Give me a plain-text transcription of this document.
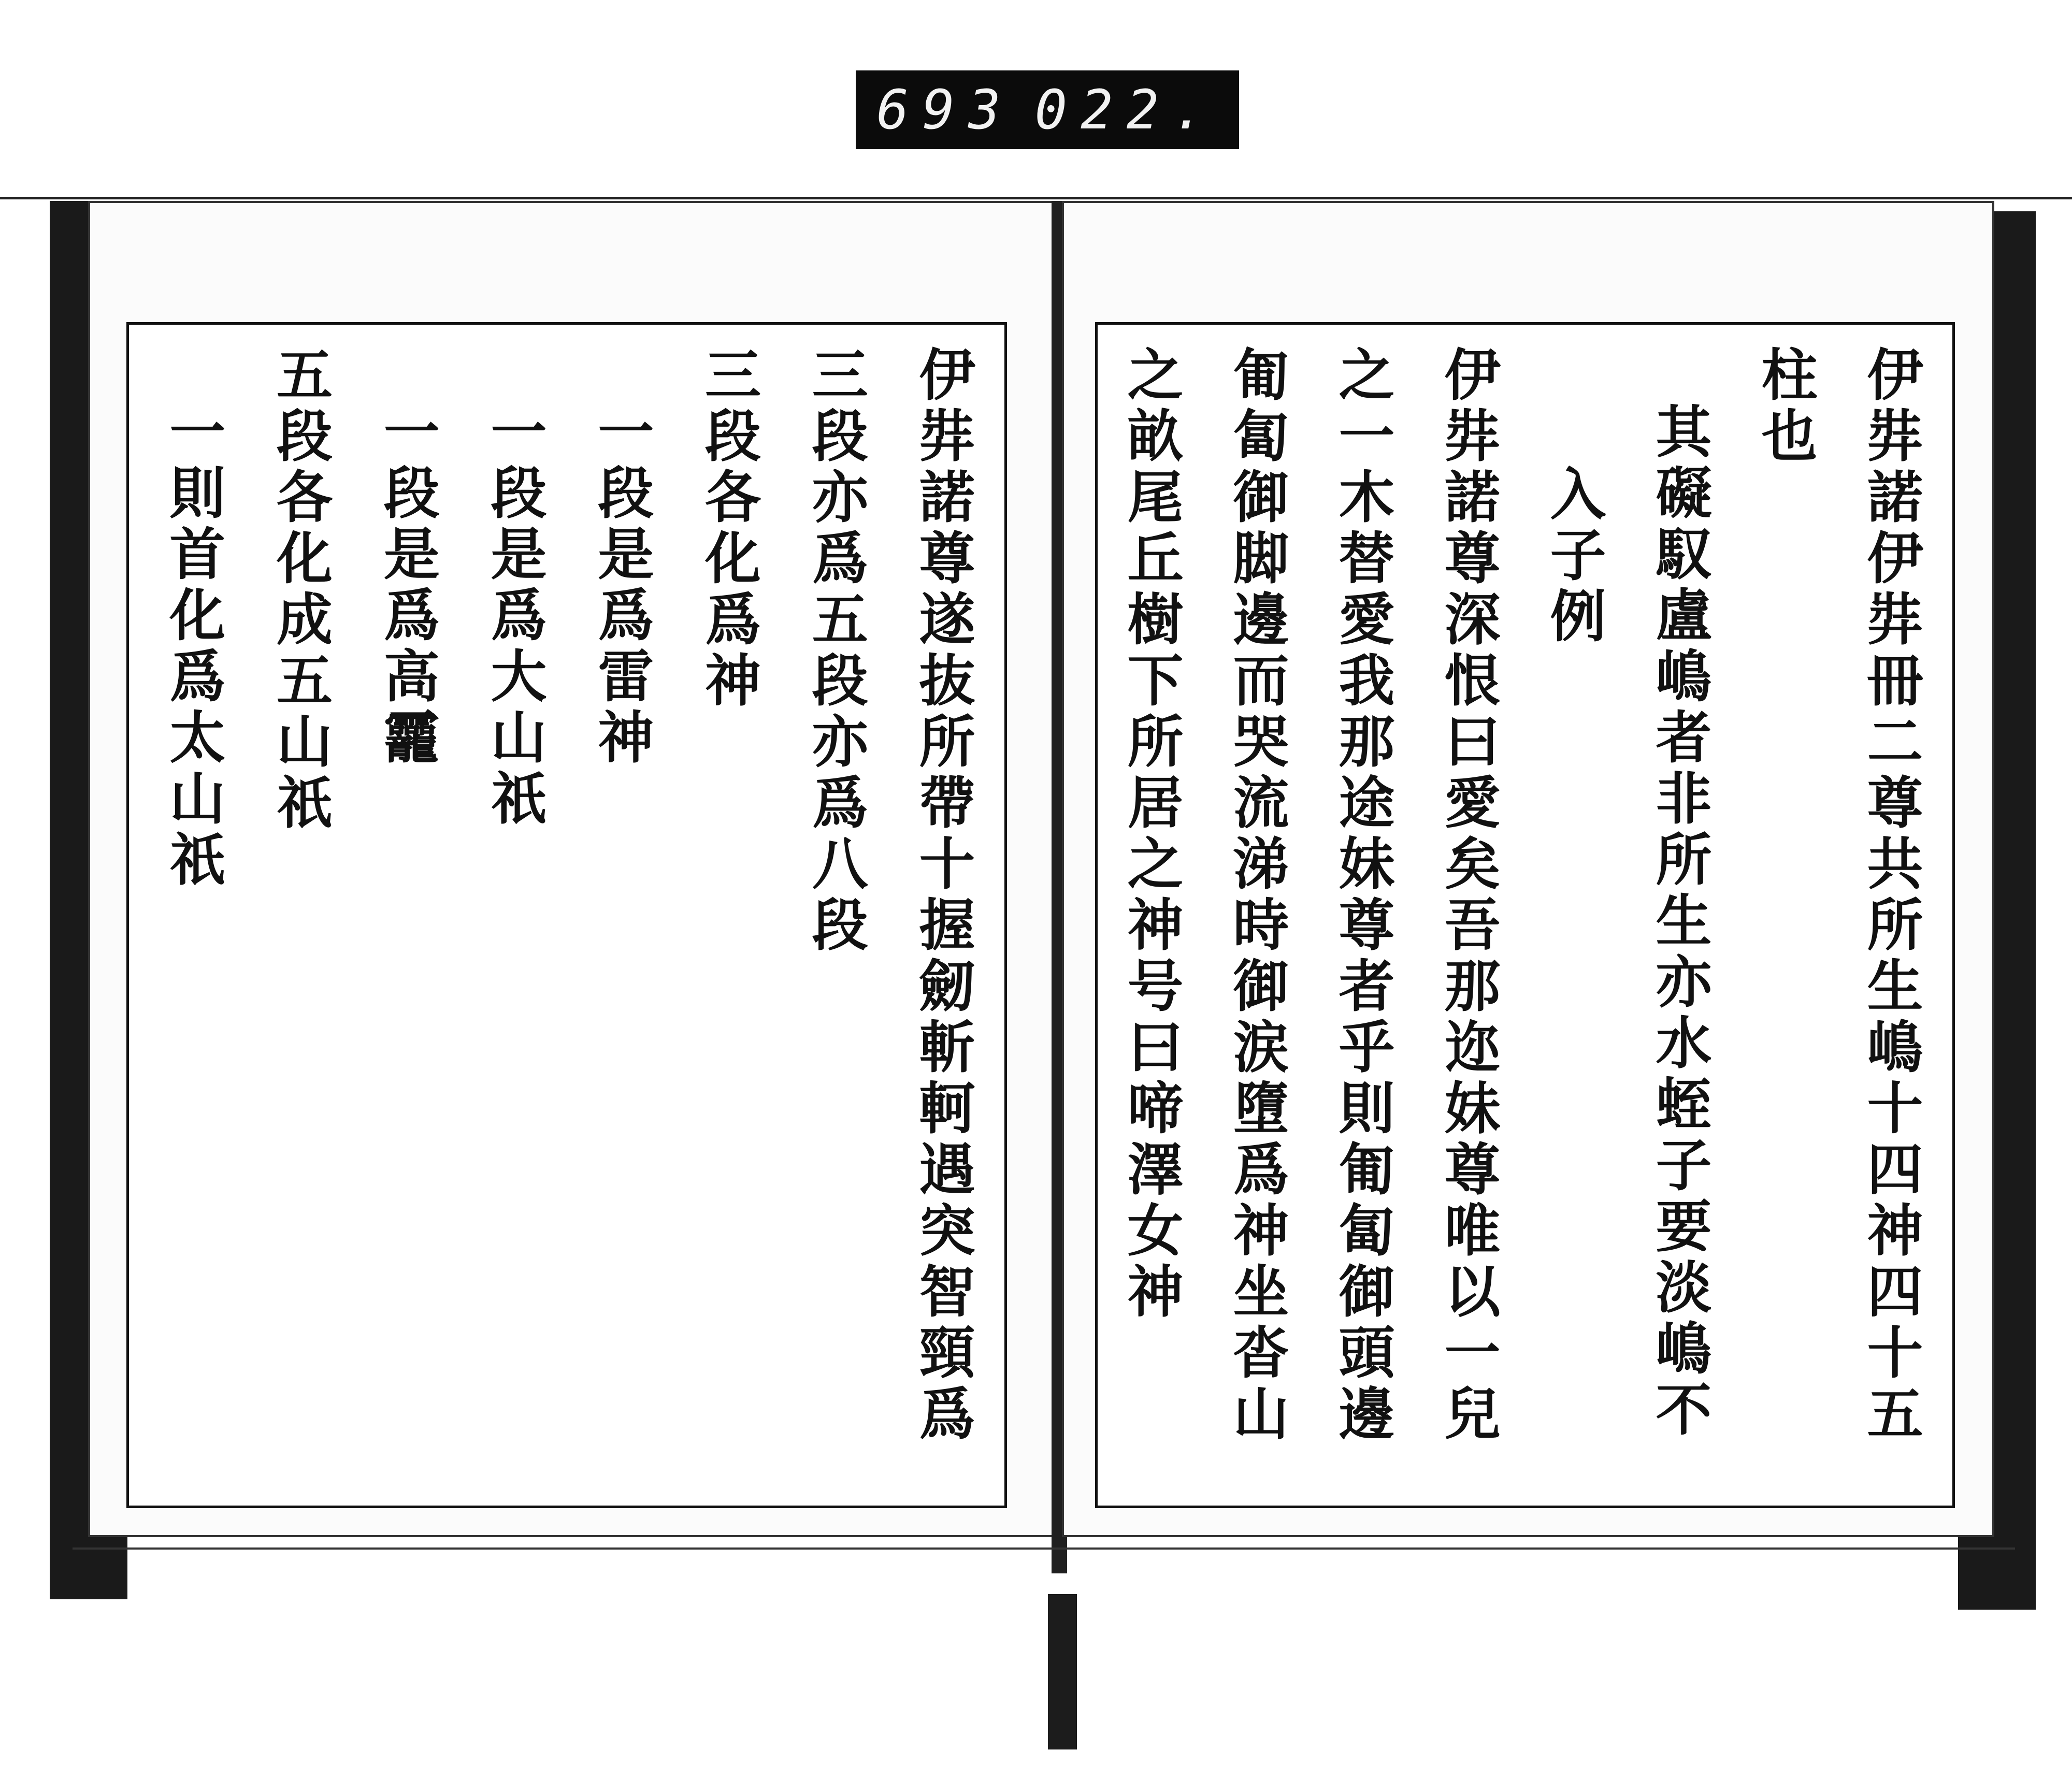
693 022.
伊弉諾尊遂抜所帶十握劒斬軻遇突智頸爲
三段亦爲五段亦爲八段
三段各化爲神
一段是爲雷神
一段是爲大山祇
一段是爲高龗
五段各化成五山祇
一則首化爲太山祇	伊弉諾伊弉冊二尊共所生嶋十四神四十五
柱也
其礙馭盧嶋者非所生亦水蛭子要淡嶋不
入子例
伊弉諾尊深恨曰愛矣吾那迩妹尊唯以一兒
之一木替愛我那途妹尊者乎則匍匐御頭邊
匍匐御脚邊而哭流涕時御涙墮爲神坐沓山
之畝尾丘樹下所居之神号曰啼澤女神
